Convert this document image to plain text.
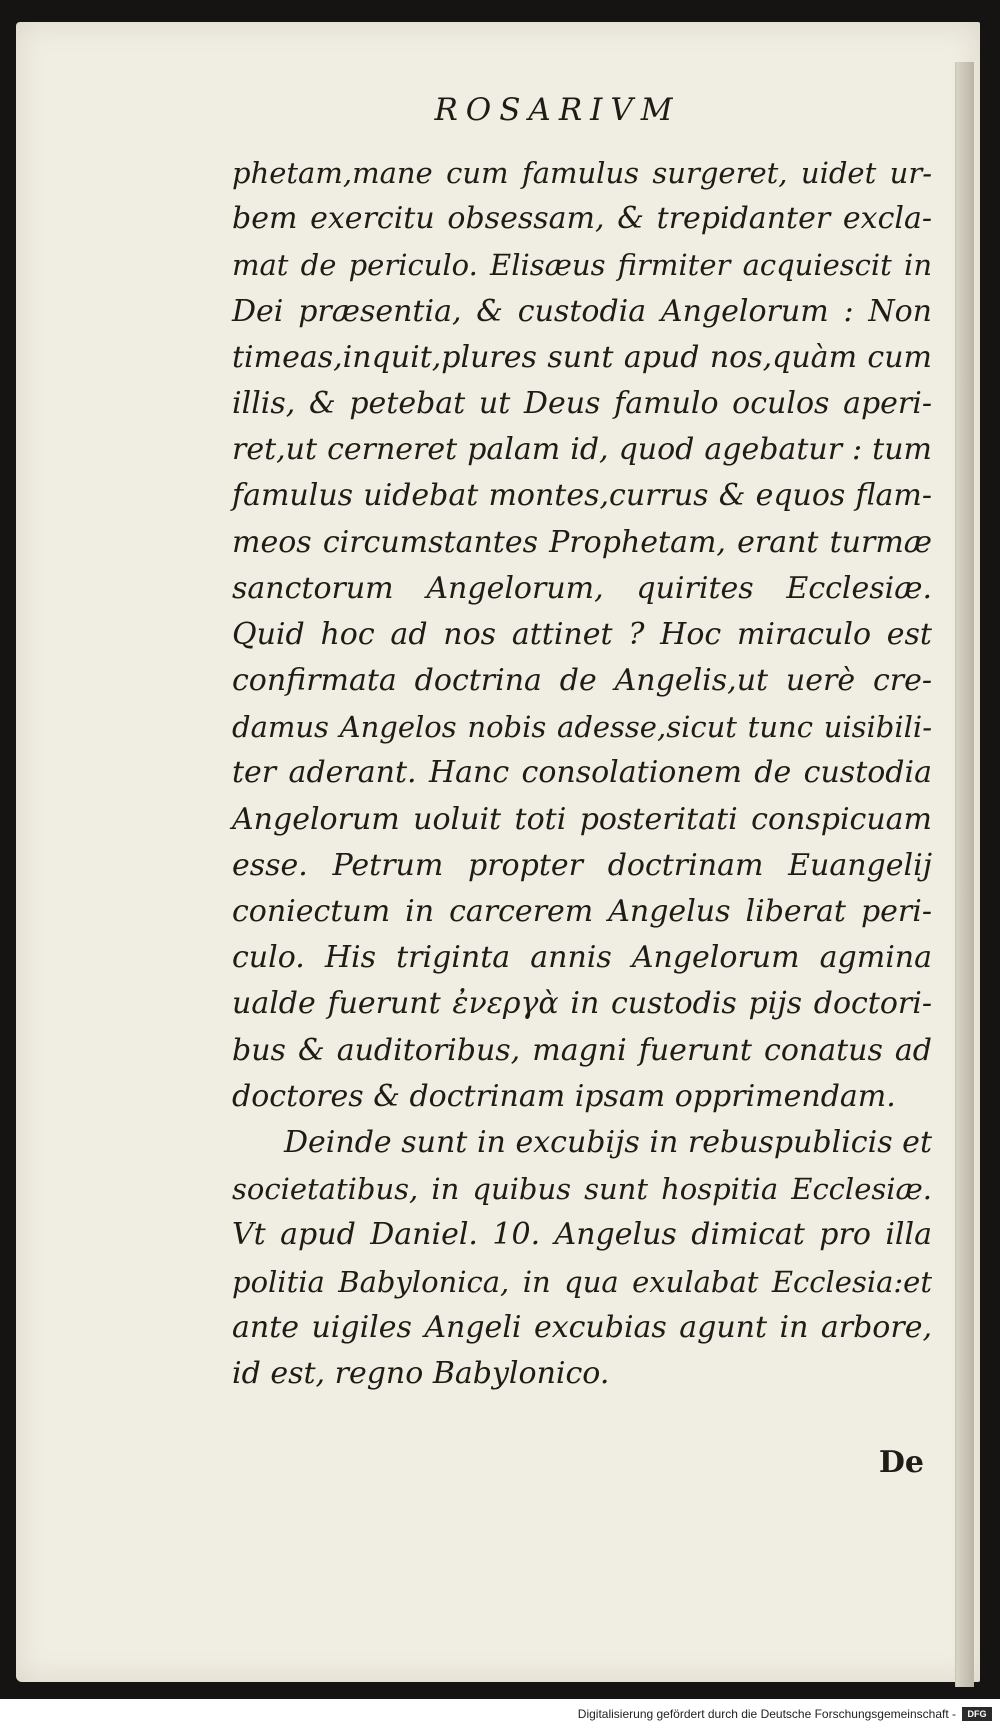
ROSARIVM
phetam,mane cum famulus surgeret, uidet ur-
bem exercitu obsessam, & trepidanter excla-
mat de periculo. Elisæus firmiter acquiescit in
Dei præsentia, & custodia Angelorum : Non
timeas,inquit,plures sunt apud nos,quàm cum
illis, & petebat ut Deus famulo oculos aperi-
ret,ut cerneret palam id, quod agebatur : tum
famulus uidebat montes,currus & equos flam-
meos circumstantes Prophetam, erant turmæ
sanctorum Angelorum, quirites Ecclesiæ.
Quid hoc ad nos attinet ? Hoc miraculo est
confirmata doctrina de Angelis,ut uerè cre-
damus Angelos nobis adesse,sicut tunc uisibili-
ter aderant. Hanc consolationem de custodia
Angelorum uoluit toti posteritati conspicuam
esse. Petrum propter doctrinam Euangelij
coniectum in carcerem Angelus liberat peri-
culo. His triginta annis Angelorum agmina
ualde fuerunt ἐνεργὰ in custodis pijs doctori-
bus & auditoribus, magni fuerunt conatus ad
doctores & doctrinam ipsam opprimendam.
Deinde sunt in excubijs in rebuspublicis et
societatibus, in quibus sunt hospitia Ecclesiæ.
Vt apud Daniel. 10. Angelus dimicat pro illa
politia Babylonica, in qua exulabat Ecclesia:et
ante uigiles Angeli excubias agunt in arbore,
id est, regno Babylonico.
De
Digitalisierung gefördert durch die Deutsche Forschungsgemeinschaft -	DFG
